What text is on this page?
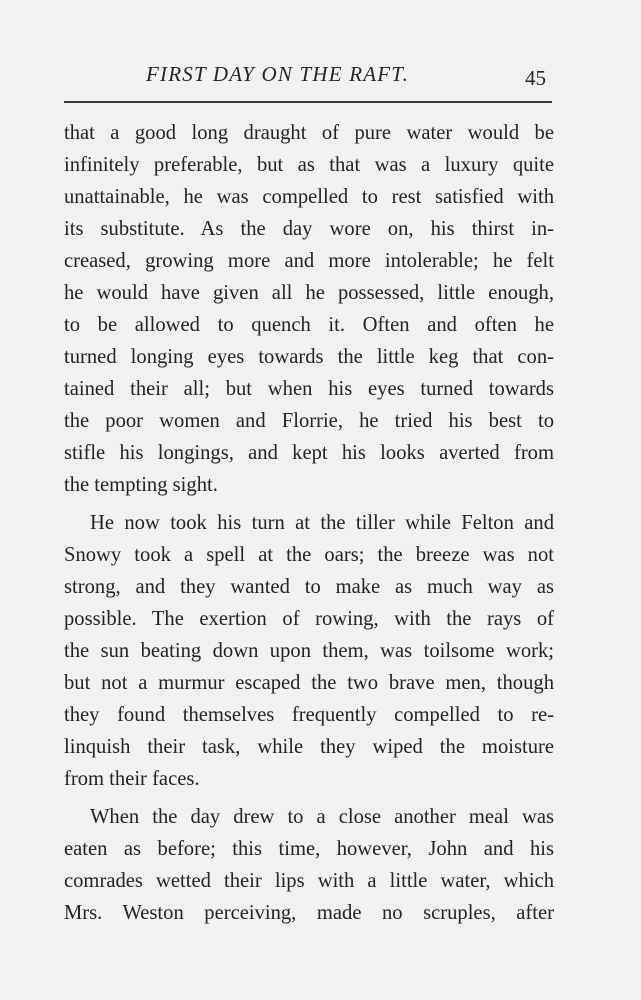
FIRST DAY ON THE RAFT.	45
that a good long draught of pure water would be
infinitely preferable, but as that was a luxury quite
unattainable, he was compelled to rest satisfied with
its substitute. As the day wore on, his thirst in-
creased, growing more and more intolerable; he felt
he would have given all he possessed, little enough,
to be allowed to quench it. Often and often he
turned longing eyes towards the little keg that con-
tained their all; but when his eyes turned towards
the poor women and Florrie, he tried his best to
stifle his longings, and kept his looks averted from
the tempting sight.
He now took his turn at the tiller while Felton and
Snowy took a spell at the oars; the breeze was not
strong, and they wanted to make as much way as
possible. The exertion of rowing, with the rays of
the sun beating down upon them, was toilsome work;
but not a murmur escaped the two brave men, though
they found themselves frequently compelled to re-
linquish their task, while they wiped the moisture
from their faces.
When the day drew to a close another meal was
eaten as before; this time, however, John and his
comrades wetted their lips with a little water, which
Mrs. Weston perceiving, made no scruples, after
